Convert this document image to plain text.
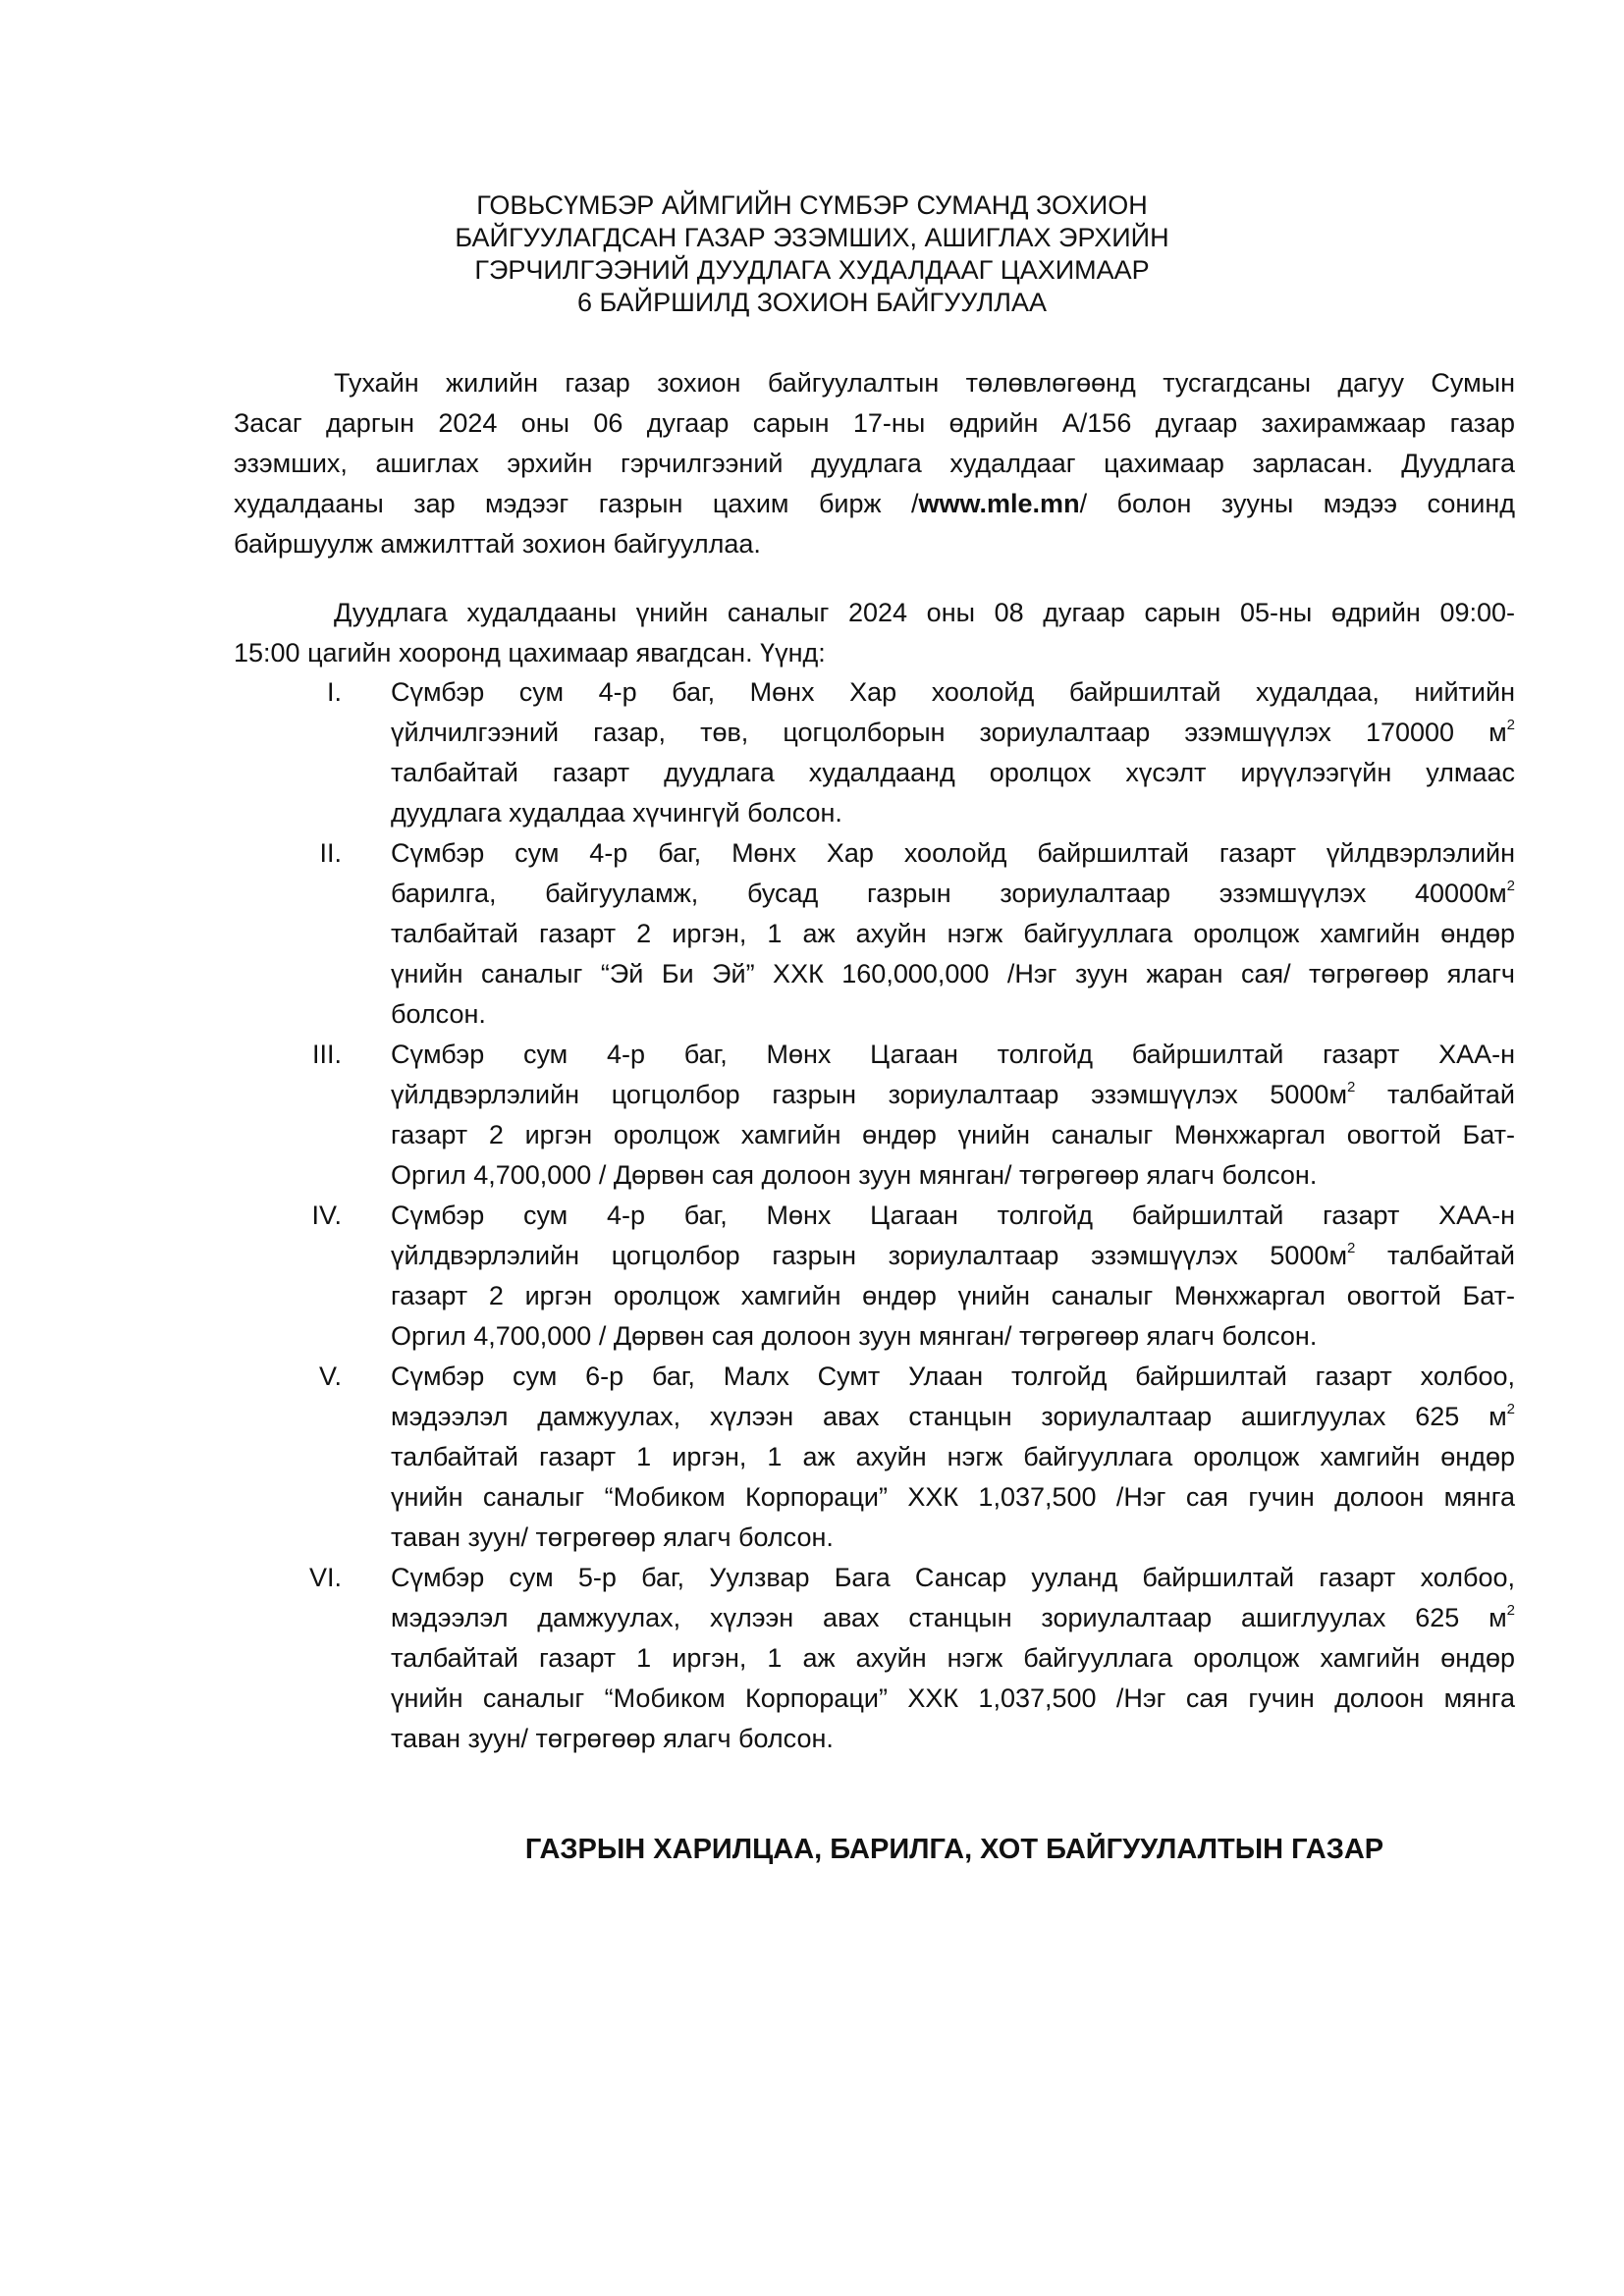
ГОВЬСҮМБЭР АЙМГИЙН СҮМБЭР СУМАНД ЗОХИОН
БАЙГУУЛАГДСАН ГАЗАР ЭЗЭМШИХ, АШИГЛАХ ЭРХИЙН
ГЭРЧИЛГЭЭНИЙ ДУУДЛАГА ХУДАЛДААГ ЦАХИМААР
6 БАЙРШИЛД ЗОХИОН БАЙГУУЛЛАА
Тухайн жилийн газар зохион байгуулалтын төлөвлөгөөнд тусгагдсаны дагуу Сумын
Засаг даргын 2024 оны 06 дугаар сарын 17-ны өдрийн А/156 дугаар захирамжаар газар
эзэмших, ашиглах эрхийн гэрчилгээний дуудлага худалдааг цахимаар зарласан. Дуудлага
худалдааны зар мэдээг газрын цахим бирж /www.mle.mn/ болон зууны мэдээ сонинд
байршуулж амжилттай зохион байгууллаа.
Дуудлага худалдааны үнийн саналыг 2024 оны 08 дугаар сарын 05-ны өдрийн 09:00-
15:00 цагийн хооронд цахимаар явагдсан. Үүнд:
I. Сүмбэр сум 4-р баг, Мөнх Хар хоолойд байршилтай худалдаа, нийтийн
үйлчилгээний газар, төв, цогцолборын зориулалтаар эзэмшүүлэх 170000 $м^2$
талбайтай газарт дуудлага худалдаанд оролцох хүсэлт ирүүлээгүйн улмаас
дуудлага худалдаа хүчингүй болсон.
II. Сүмбэр сум 4-р баг, Мөнх Хар хоолойд байршилтай газарт үйлдвэрлэлийн
барилга, байгууламж, бусад газрын зориулалтаар эзэмшүүлэх $40000м^2$
талбайтай газарт 2 иргэн, 1 аж ахуйн нэгж байгууллага оролцож хамгийн өндөр
үнийн саналыг “Эй Би Эй” ХХК 160,000,000 /Нэг зуун жаран сая/ төгрөгөөр ялагч
болсон.
III. Сүмбэр сум 4-р баг, Мөнх Цагаан толгойд байршилтай газарт ХАА-н
үйлдвэрлэлийн цогцолбор газрын зориулалтаар эзэмшүүлэх $5000м^2$ талбайтай
газарт 2 иргэн оролцож хамгийн өндөр үнийн саналыг Мөнхжаргал овогтой Бат-
Оргил 4,700,000 / Дөрвөн сая долоон зуун мянган/ төгрөгөөр ялагч болсон.
IV. Сүмбэр сум 4-р баг, Мөнх Цагаан толгойд байршилтай газарт ХАА-н
үйлдвэрлэлийн цогцолбор газрын зориулалтаар эзэмшүүлэх $5000м^2$ талбайтай
газарт 2 иргэн оролцож хамгийн өндөр үнийн саналыг Мөнхжаргал овогтой Бат-
Оргил 4,700,000 / Дөрвөн сая долоон зуун мянган/ төгрөгөөр ялагч болсон.
V. Сүмбэр сум 6-р баг, Малх Сумт Улаан толгойд байршилтай газарт холбоо,
мэдээлэл дамжуулах, хүлээн авах станцын зориулалтаар ашиглуулах 625 $м^2$
талбайтай газарт 1 иргэн, 1 аж ахуйн нэгж байгууллага оролцож хамгийн өндөр
үнийн саналыг “Мобиком Корпораци” ХХК 1,037,500 /Нэг сая гучин долоон мянга
таван зуун/ төгрөгөөр ялагч болсон.
VI. Сүмбэр сум 5-р баг, Уулзвар Бага Сансар ууланд байршилтай газарт холбоо,
мэдээлэл дамжуулах, хүлээн авах станцын зориулалтаар ашиглуулах 625 $м^2$
талбайтай газарт 1 иргэн, 1 аж ахуйн нэгж байгууллага оролцож хамгийн өндөр
үнийн саналыг “Мобиком Корпораци” ХХК 1,037,500 /Нэг сая гучин долоон мянга
таван зуун/ төгрөгөөр ялагч болсон.
ГАЗРЫН ХАРИЛЦАА, БАРИЛГА, ХОТ БАЙГУУЛАЛТЫН ГАЗАР
